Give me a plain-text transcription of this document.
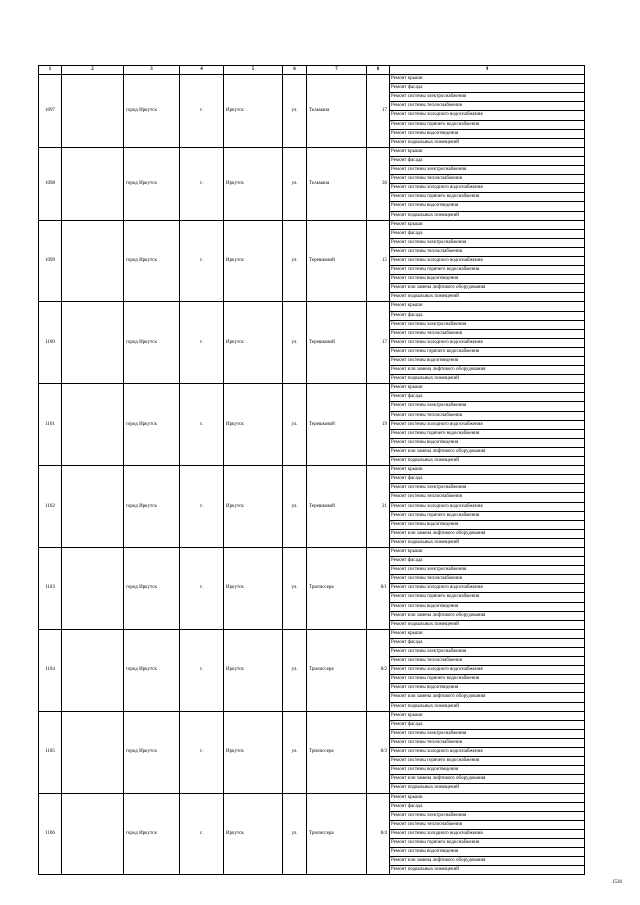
1	2	3	4	5	6	7	8	9
1097		город Иркутск	г.	Иркутск	ул.	Тельмана	17	Ремонт крыши
								Ремонт фасада
								Ремонт системы электроснабжения
								Ремонт системы теплоснабжения
								Ремонт системы холодного водоснабжения
								Ремонт системы горячего водоснабжения
								Ремонт системы водоотведения
								Ремонт подвальных помещений
1098		город Иркутск	г.	Иркутск	ул.	Тельмана	36	Ремонт крыши
								Ремонт фасада
								Ремонт системы электроснабжения
								Ремонт системы теплоснабжения
								Ремонт системы холодного водоснабжения
								Ремонт системы горячего водоснабжения
								Ремонт системы водоотведения
								Ремонт подвальных помещений
1099		город Иркутск	г.	Иркутск	ул.	Терешковой	15	Ремонт крыши
								Ремонт фасада
								Ремонт системы электроснабжения
								Ремонт системы теплоснабжения
								Ремонт системы холодного водоснабжения
								Ремонт системы горячего водоснабжения
								Ремонт системы водоотведения
								Ремонт или замена лифтового оборудования
								Ремонт подвальных помещений
1100		город Иркутск	г.	Иркутск	ул.	Терешковой	17	Ремонт крыши
								Ремонт фасада
								Ремонт системы электроснабжения
								Ремонт системы теплоснабжения
								Ремонт системы холодного водоснабжения
								Ремонт системы горячего водоснабжения
								Ремонт системы водоотведения
								Ремонт или замена лифтового оборудования
								Ремонт подвальных помещений
1101		город Иркутск	г.	Иркутск	ул.	Терешковой	19	Ремонт крыши
								Ремонт фасада
								Ремонт системы электроснабжения
								Ремонт системы теплоснабжения
								Ремонт системы холодного водоснабжения
								Ремонт системы горячего водоснабжения
								Ремонт системы водоотведения
								Ремонт или замена лифтового оборудования
								Ремонт подвальных помещений
1102		город Иркутск	г.	Иркутск	ул.	Терешковой	21	Ремонт крыши
								Ремонт фасада
								Ремонт системы электроснабжения
								Ремонт системы теплоснабжения
								Ремонт системы холодного водоснабжения
								Ремонт системы горячего водоснабжения
								Ремонт системы водоотведения
								Ремонт или замена лифтового оборудования
								Ремонт подвальных помещений
1103		город Иркутск	г.	Иркутск	ул.	Трилиссера	8/1	Ремонт крыши
								Ремонт фасада
								Ремонт системы электроснабжения
								Ремонт системы теплоснабжения
								Ремонт системы холодного водоснабжения
								Ремонт системы горячего водоснабжения
								Ремонт системы водоотведения
								Ремонт или замена лифтового оборудования
								Ремонт подвальных помещений
1104		город Иркутск	г.	Иркутск	ул.	Трилиссера	8/2	Ремонт крыши
								Ремонт фасада
								Ремонт системы электроснабжения
								Ремонт системы теплоснабжения
								Ремонт системы холодного водоснабжения
								Ремонт системы горячего водоснабжения
								Ремонт системы водоотведения
								Ремонт или замена лифтового оборудования
								Ремонт подвальных помещений
1105		город Иркутск	г.	Иркутск	ул.	Трилиссера	8/3	Ремонт крыши
								Ремонт фасада
								Ремонт системы электроснабжения
								Ремонт системы теплоснабжения
								Ремонт системы холодного водоснабжения
								Ремонт системы горячего водоснабжения
								Ремонт системы водоотведения
								Ремонт или замена лифтового оборудования
								Ремонт подвальных помещений
1106		город Иркутск	г.	Иркутск	ул.	Трилиссера	8/4	Ремонт крыши
								Ремонт фасада
								Ремонт системы электроснабжения
								Ремонт системы теплоснабжения
								Ремонт системы холодного водоснабжения
								Ремонт системы горячего водоснабжения
								Ремонт системы водоотведения
								Ремонт или замена лифтового оборудования
								Ремонт подвальных помещений
1530
